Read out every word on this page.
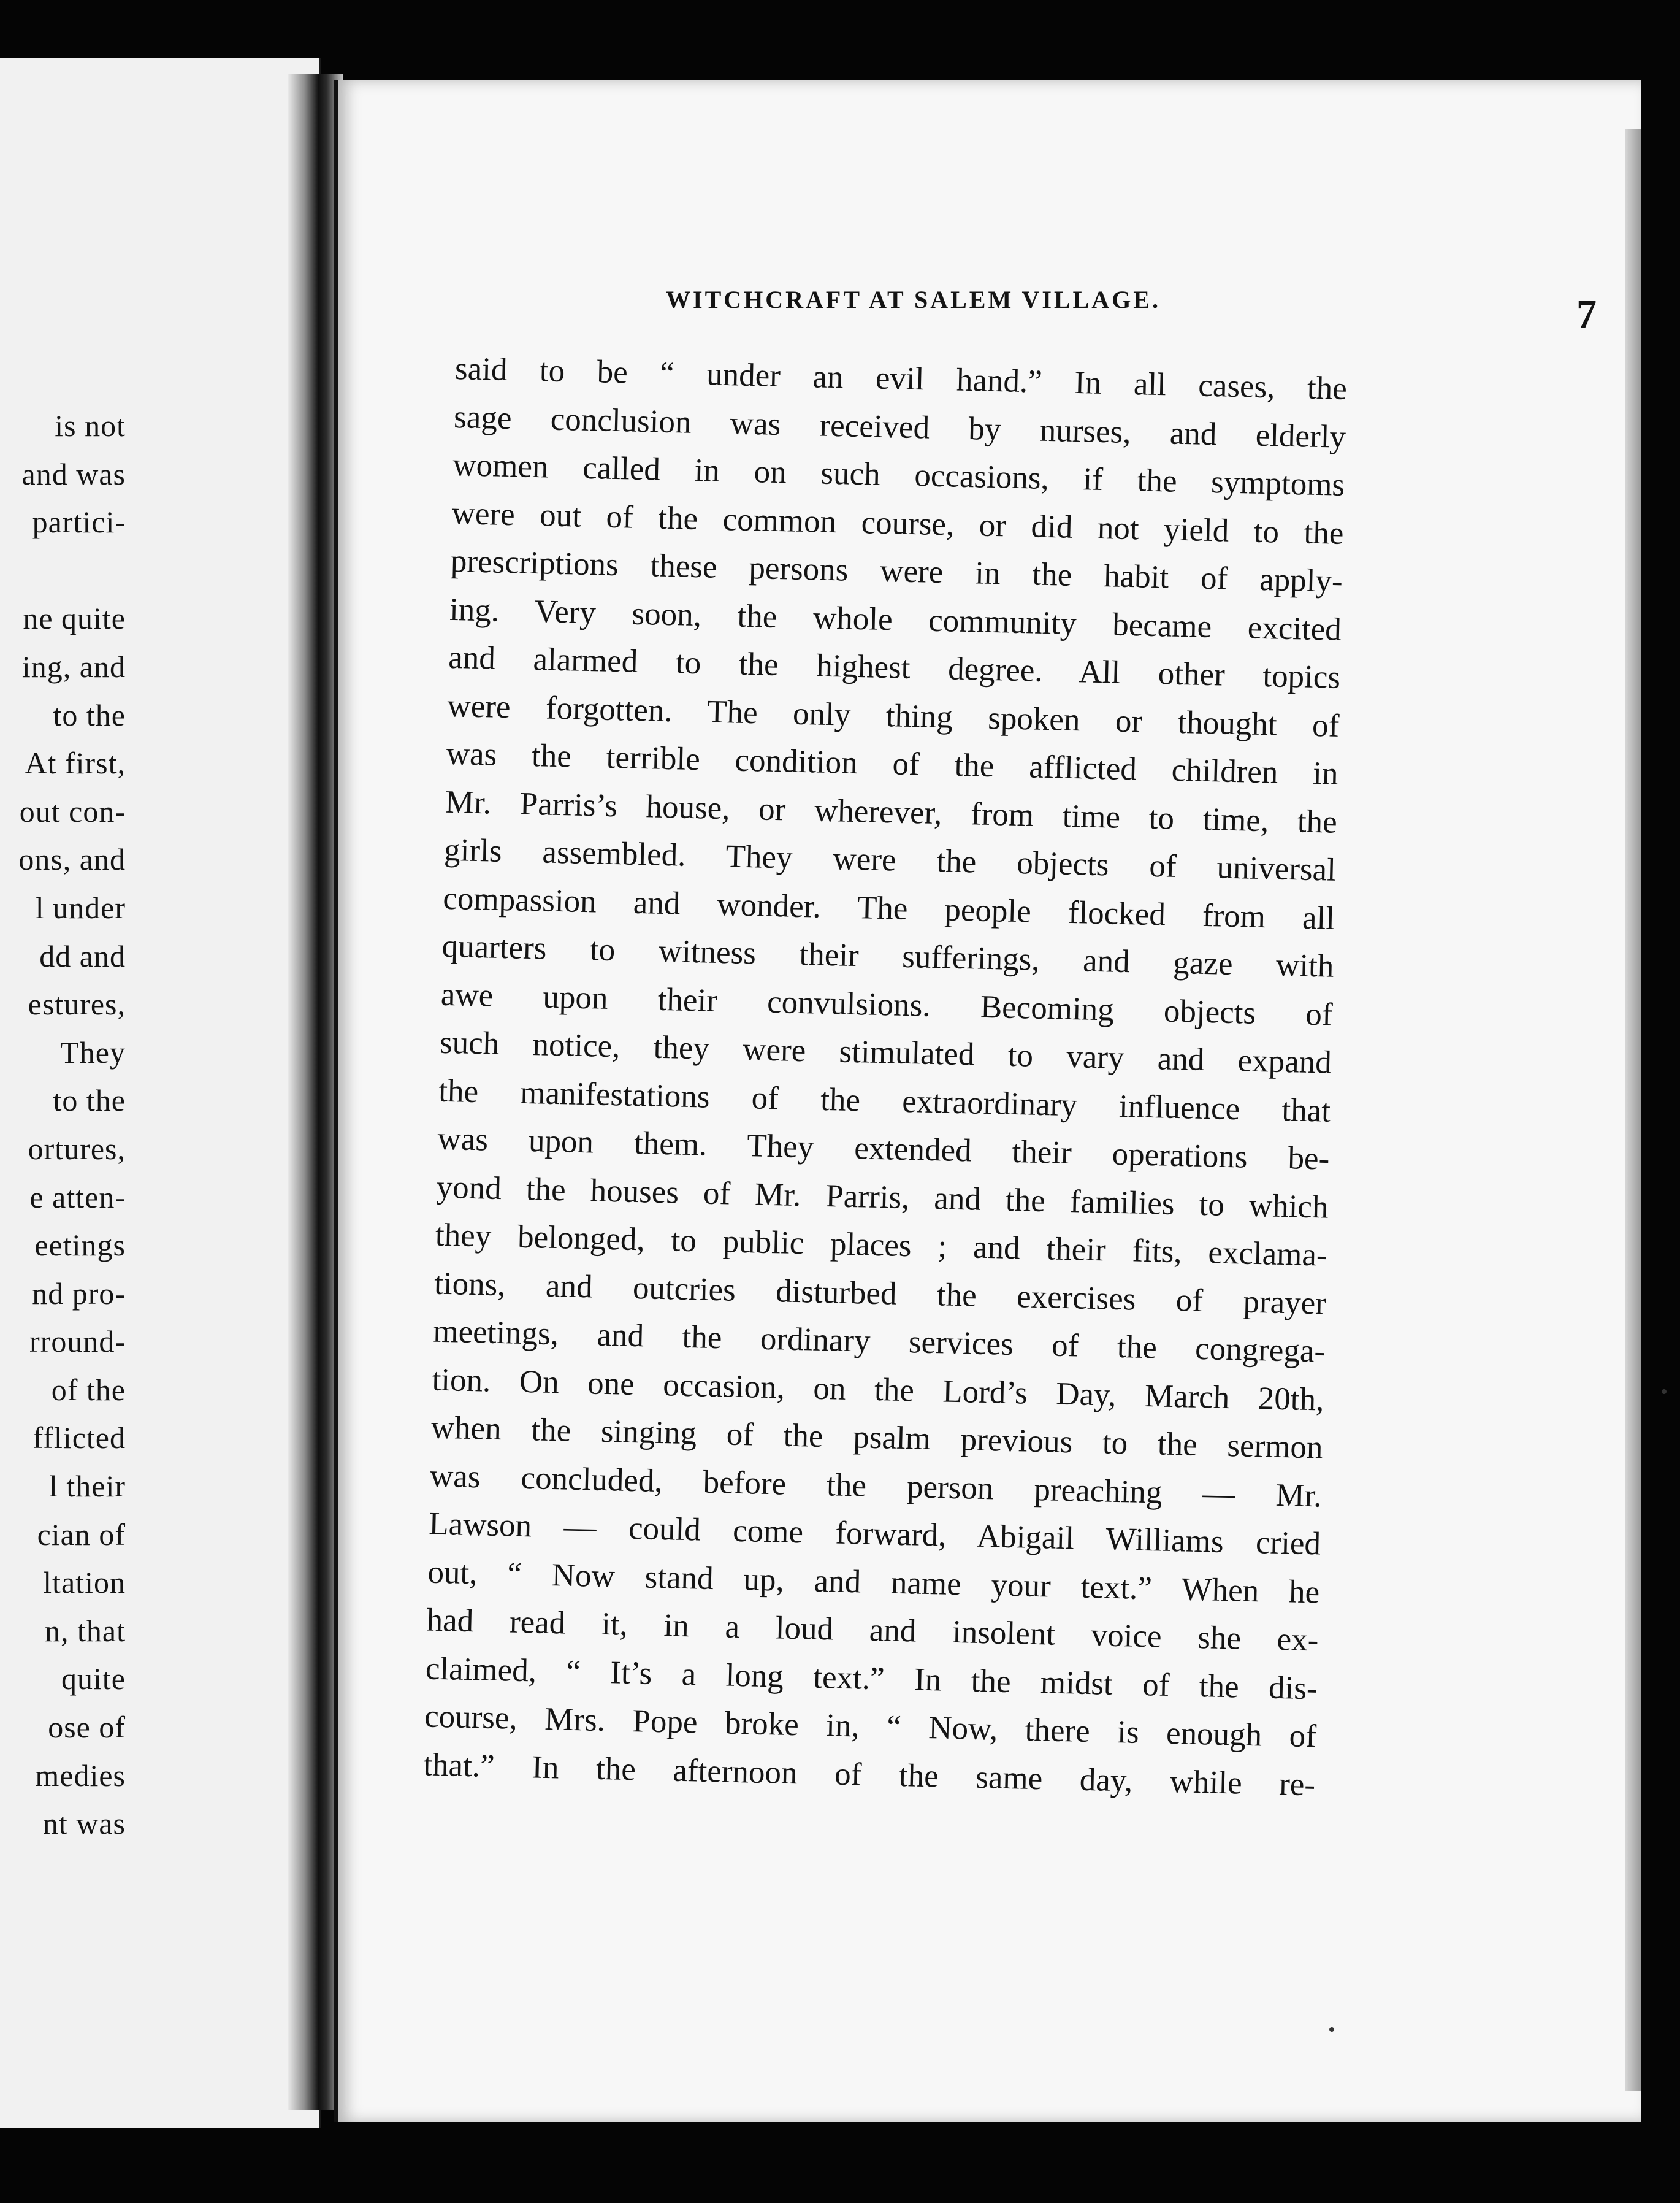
is not
and was
partici-
ne quite
ing, and
to the
At first,
out con-
ons, and
l under
dd and
estures,
They
to the
ortures,
e atten-
eetings
nd pro-
rround-
of the
fflicted
l their
cian of
ltation
n, that
quite
ose of
medies
nt was
WITCHCRAFT AT SALEM VILLAGE.	7
said to be “ under an evil hand.” In all cases, the
sage conclusion was received by nurses, and elderly
women called in on such occasions, if the symptoms
were out of the common course, or did not yield to the
prescriptions these persons were in the habit of apply-
ing. Very soon, the whole community became excited
and alarmed to the highest degree. All other topics
were forgotten. The only thing spoken or thought of
was the terrible condition of the afflicted children in
Mr. Parris’s house, or wherever, from time to time, the
girls assembled. They were the objects of universal
compassion and wonder. The people flocked from all
quarters to witness their sufferings, and gaze with
awe upon their convulsions. Becoming objects of
such notice, they were stimulated to vary and expand
the manifestations of the extraordinary influence that
was upon them. They extended their operations be-
yond the houses of Mr. Parris, and the families to which
they belonged, to public places ; and their fits, exclama-
tions, and outcries disturbed the exercises of prayer
meetings, and the ordinary services of the congrega-
tion. On one occasion, on the Lord’s Day, March 20th,
when the singing of the psalm previous to the sermon
was concluded, before the person preaching — Mr.
Lawson — could come forward, Abigail Williams cried
out, “ Now stand up, and name your text.” When he
had read it, in a loud and insolent voice she ex-
claimed, “ It’s a long text.” In the midst of the dis-
course, Mrs. Pope broke in, “ Now, there is enough of
that.” In the afternoon of the same day, while re-
